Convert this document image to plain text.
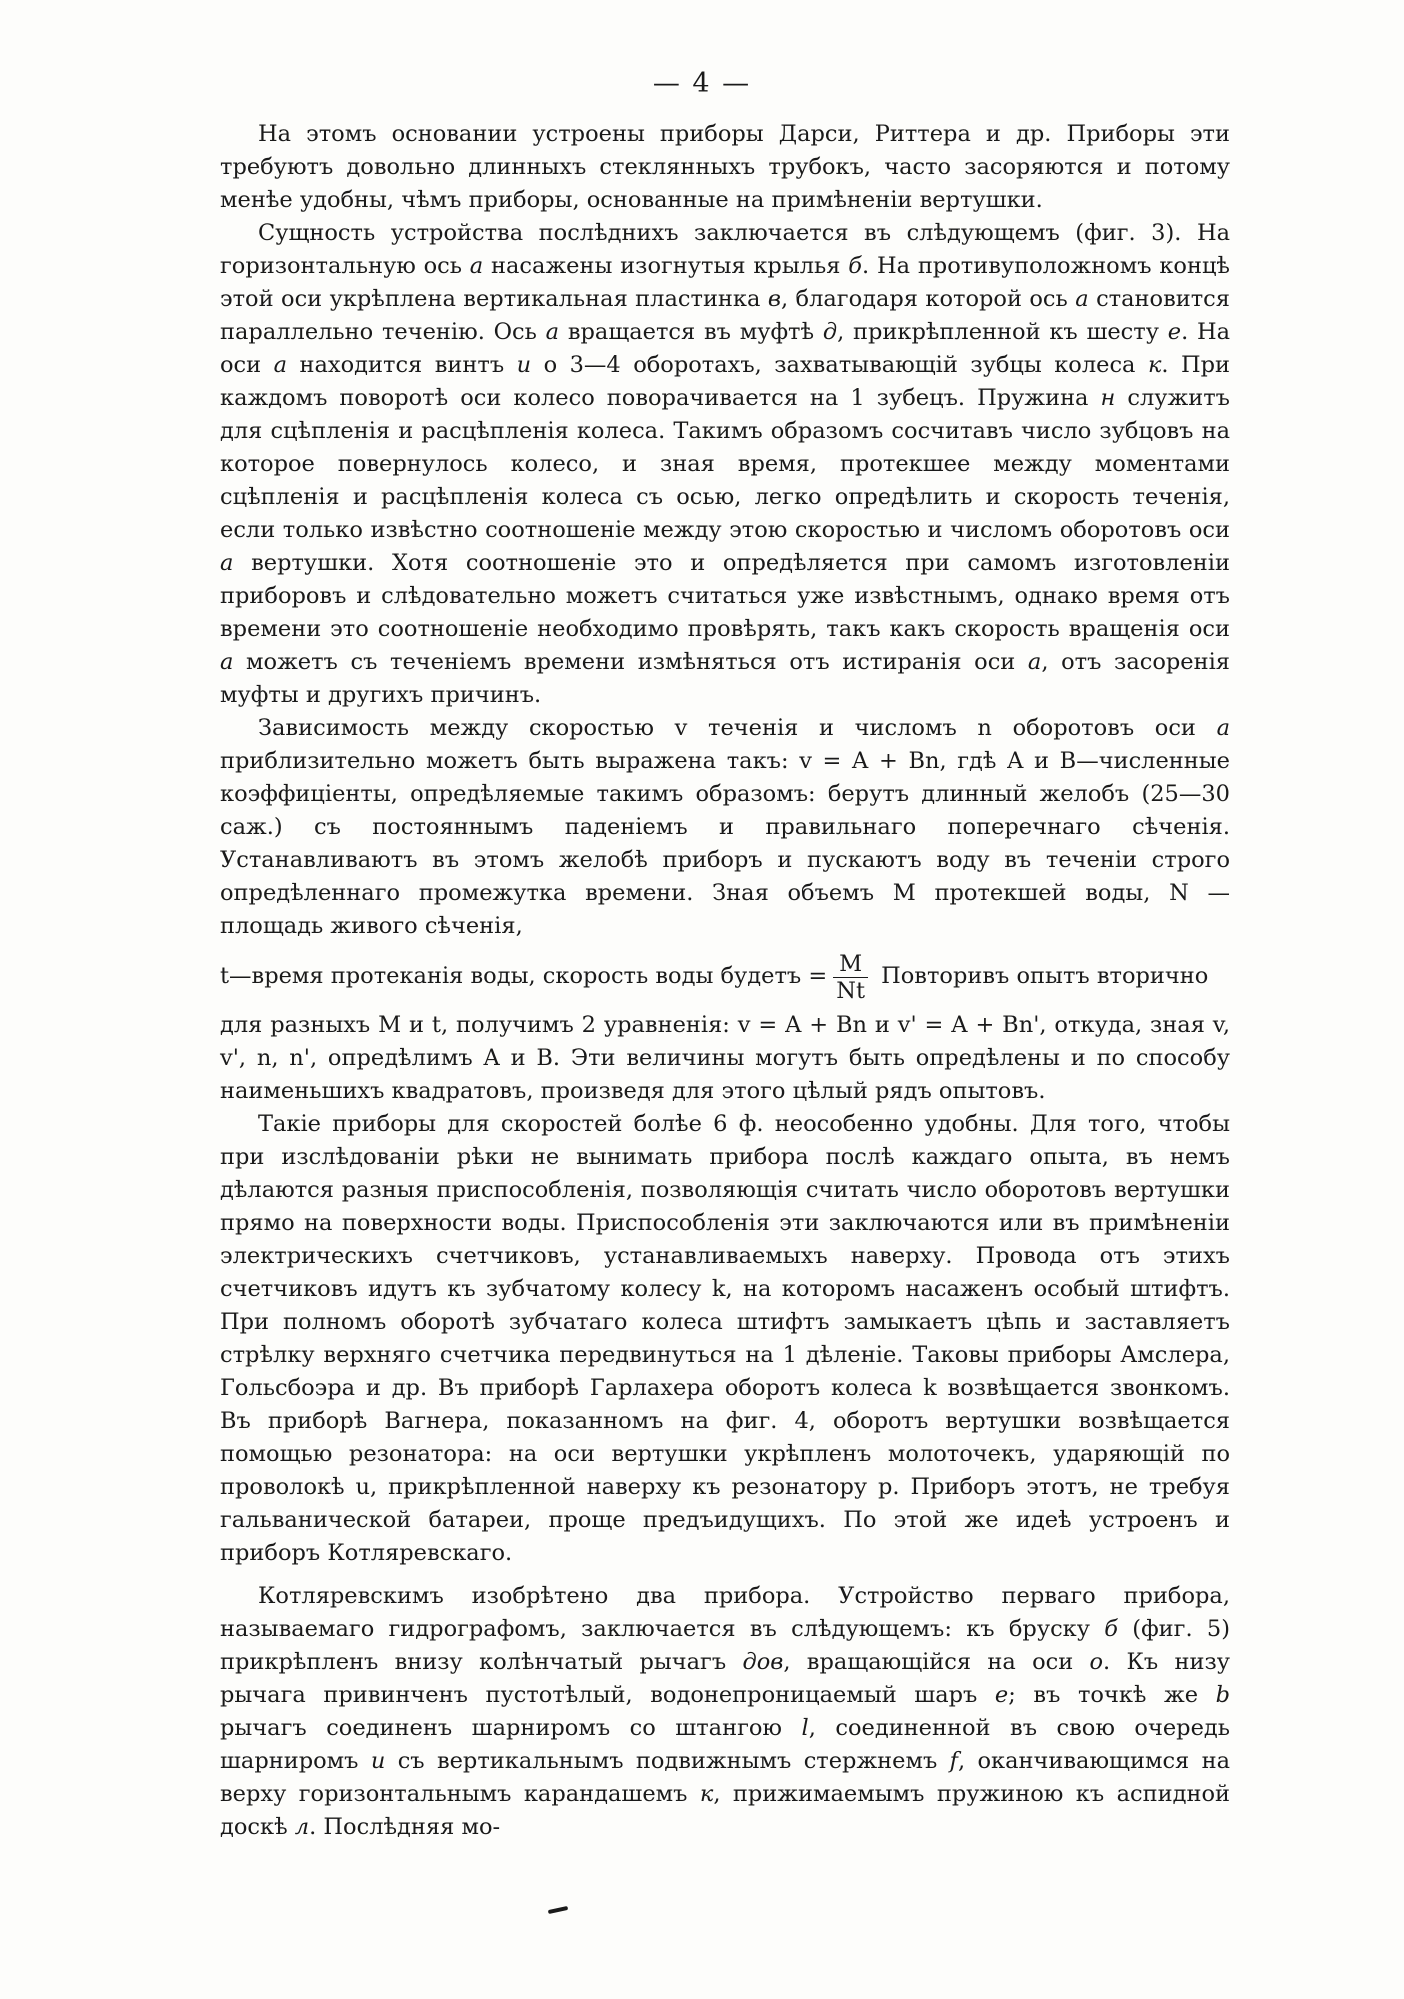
— 4 —

На этомъ основании устроены приборы Дарси, Риттера и др. Приборы эти требуютъ довольно длинныхъ стеклянныхъ трубокъ, часто засоряются и потому менѣе удобны, чѣмъ приборы, основанные на примѣненіи вертушки.

Сущность устройства послѣднихъ заключается въ слѣдующемъ (фиг. 3). На горизонтальную ось а насажены изогнутыя крылья б. На противуположномъ концѣ этой оси укрѣплена вертикальная пластинка в, благодаря которой ось а становится параллельно теченію. Ось а вращается въ муфтѣ д, прикрѣпленной къ шесту е. На оси а находится винтъ и о 3—4 оборотахъ, захватывающій зубцы колеса к. При каждомъ поворотѣ оси колесо поворачивается на 1 зубецъ. Пружина н служитъ для сцѣпленія и расцѣпленія колеса. Такимъ образомъ сосчитавъ число зубцовъ на которое повернулось колесо, и зная время, протекшее между моментами сцѣпленія и расцѣпленія колеса съ осью, легко опредѣлить и скорость теченія, если только извѣстно соотношеніе между этою скоростью и числомъ оборотовъ оси а вертушки. Хотя соотношеніе это и опредѣляется при самомъ изготовленіи приборовъ и слѣдовательно можетъ считаться уже извѣстнымъ, однако время отъ времени это соотношеніе необходимо провѣрять, такъ какъ скорость вращенія оси а можетъ съ теченіемъ времени измѣняться отъ истиранія оси а, отъ засоренія муфты и другихъ причинъ.

Зависимость между скоростью v теченія и числомъ n оборотовъ оси а приблизительно можетъ быть выражена такъ: v = A + Bn, гдѣ A и B—численные коэффиціенты, опредѣляемые такимъ образомъ: берутъ длинный желобъ (25—30 саж.) съ постояннымъ паденіемъ и правильнаго поперечнаго сѣченія. Устанавливаютъ въ этомъ желобѣ приборъ и пускаютъ воду въ теченіи строго опредѣленнаго промежутка времени. Зная объемъ M протекшей воды, N — площадь живого сѣченія,

t—время протеканія воды, скорость воды будетъ = $\frac{M}{Nt}$ Повторивъ опытъ вторично

для разныхъ M и t, получимъ 2 уравненія: v = A + Bn и v' = A + Bn', откуда, зная v, v', n, n', опредѣлимъ A и B. Эти величины могутъ быть опредѣлены и по способу наименьшихъ квадратовъ, произведя для этого цѣлый рядъ опытовъ.

Такіе приборы для скоростей болѣе 6 ф. неособенно удобны. Для того, чтобы при изслѣдованіи рѣки не вынимать прибора послѣ каждаго опыта, въ немъ дѣлаются разныя приспособленія, позволяющія считать число оборотовъ вертушки прямо на поверхности воды. Приспособленія эти заключаются или въ примѣненіи электрическихъ счетчиковъ, устанавливаемыхъ наверху. Провода отъ этихъ счетчиковъ идутъ къ зубчатому колесу k, на которомъ насаженъ особый штифтъ. При полномъ оборотѣ зубчатаго колеса штифтъ замыкаетъ цѣпь и заставляетъ стрѣлку верхняго счетчика передвинуться на 1 дѣленіе. Таковы приборы Амслера, Гольсбоэра и др. Въ приборѣ Гарлахера оборотъ колеса k возвѣщается звонкомъ. Въ приборѣ Вагнера, показанномъ на фиг. 4, оборотъ вертушки возвѣщается помощью резонатора: на оси вертушки укрѣпленъ молоточекъ, ударяющій по проволокѣ u, прикрѣпленной наверху къ резонатору p. Приборъ этотъ, не требуя гальванической батареи, проще предъидущихъ. По этой же идеѣ устроенъ и приборъ Котляревскаго.

Котляревскимъ изобрѣтено два прибора. Устройство перваго прибора, называемаго гидрографомъ, заключается въ слѣдующемъ: къ бруску б (фиг. 5) прикрѣпленъ внизу колѣнчатый рычагъ дов, вращающійся на оси о. Къ низу рычага привинченъ пустотѣлый, водонепроницаемый шаръ е; въ точкѣ же b рычагъ соединенъ шарниромъ со штангою l, соединенной въ свою очередь шарниромъ и съ вертикальнымъ подвижнымъ стержнемъ f, оканчивающимся на верху горизонтальнымъ карандашемъ к, прижимаемымъ пружиною къ аспидной доскѣ л. Послѣдняя мо-
